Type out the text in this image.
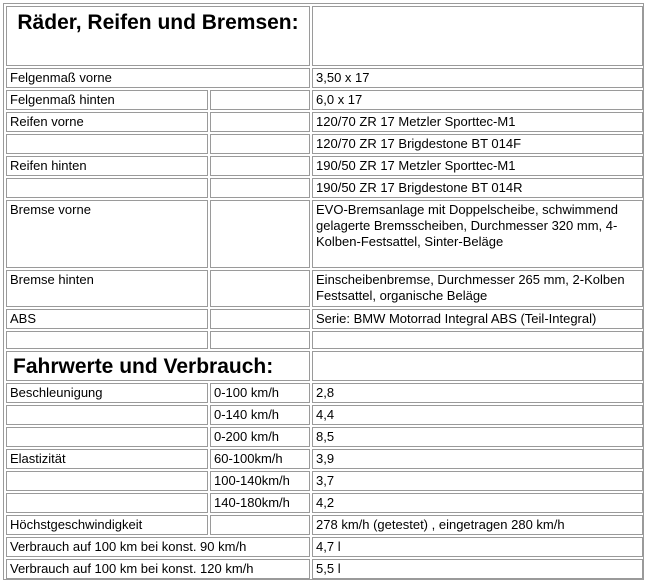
Räder, Reifen und Bremsen:		
Felgenmaß vorne		3,50 x 17
Felgenmaß hinten		6,0 x 17
Reifen vorne		120/70 ZR 17 Metzler Sporttec-M1
		120/70 ZR 17 Brigdestone BT 014F
Reifen hinten		190/50 ZR 17 Metzler Sporttec-M1
		190/50 ZR 17 Brigdestone BT 014R
Bremse vorne		EVO-Bremsanlage mit Doppelscheibe, schwimmend gelagerte Bremsscheiben, Durchmesser 320 mm, 4-Kolben-Festsattel, Sinter-Beläge
Bremse hinten		Einscheibenbremse, Durchmesser 265 mm, 2-Kolben Festsattel, organische Beläge
ABS		Serie: BMW Motorrad Integral ABS (Teil-Integral)

Fahrwerte und Verbrauch:		
Beschleunigung	0-100 km/h	2,8
	0-140 km/h	4,4
	0-200 km/h	8,5
Elastizität	60-100km/h	3,9
	100-140km/h	3,7
	140-180km/h	4,2
Höchstgeschwindigkeit		278 km/h (getestet) , eingetragen 280 km/h
Verbrauch auf 100 km bei konst. 90 km/h		4,7 l
Verbrauch auf 100 km bei konst. 120 km/h		5,5 l
